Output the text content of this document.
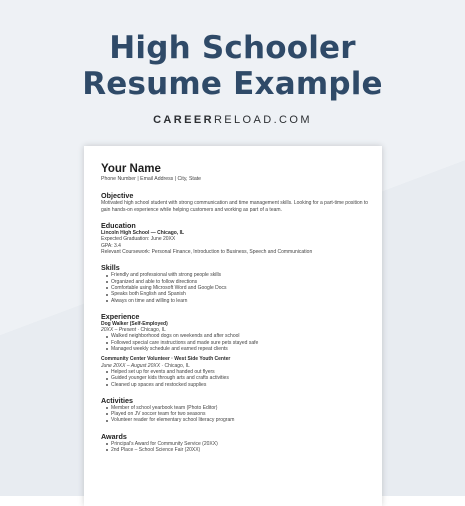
High Schooler
Resume Example
CAREERRELOAD.COM
Your Name
Phone Number | Email Address | City, State
Objective
Motivated high school student with strong communication and time management skills. Looking for a part-time position to gain hands-on experience while helping customers and working as part of a team.
Education
Lincoln High School — Chicago, IL
Expected Graduation: June 20XX
GPA: 3.4
Relevant Coursework: Personal Finance, Introduction to Business, Speech and Communication
Skills
Friendly and professional with strong people skills
Organized and able to follow directions
Comfortable using Microsoft Word and Google Docs
Speaks both English and Spanish
Always on time and willing to learn
Experience
Dog Walker (Self-Employed)
20XX – Present · Chicago, IL
Walked neighborhood dogs on weekends and after school
Followed special care instructions and made sure pets stayed safe
Managed weekly schedule and earned repeat clients
Community Center Volunteer · West Side Youth Center
June 20XX – August 20XX · Chicago, IL
Helped set up for events and handed out flyers
Guided younger kids through arts and crafts activities
Cleaned up spaces and restocked supplies
Activities
Member of school yearbook team (Photo Editor)
Played on JV soccer team for two seasons
Volunteer reader for elementary school literacy program
Awards
Principal's Award for Community Service (20XX)
2nd Place – School Science Fair (20XX)
